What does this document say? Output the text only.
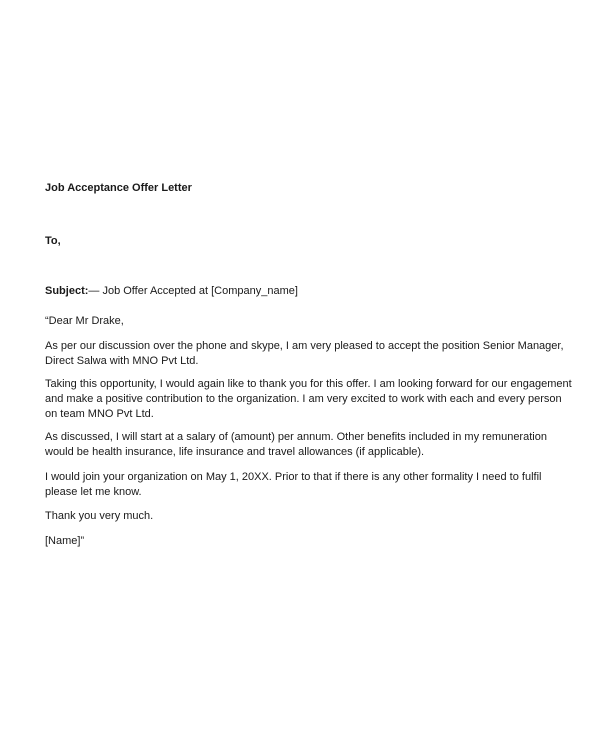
Job Acceptance Offer Letter
To,
Subject:— Job Offer Accepted at [Company_name]
“Dear Mr Drake,
As per our discussion over the phone and skype, I am very pleased to accept the position Senior Manager,
Direct Salwa with MNO Pvt Ltd.
Taking this opportunity, I would again like to thank you for this offer. I am looking forward for our engagement
and make a positive contribution to the organization. I am very excited to work with each and every person
on team MNO Pvt Ltd.
As discussed, I will start at a salary of (amount) per annum. Other benefits included in my remuneration
would be health insurance, life insurance and travel allowances (if applicable).
I would join your organization on May 1, 20XX. Prior to that if there is any other formality I need to fulfil
please let me know.
Thank you very much.
[Name]”
